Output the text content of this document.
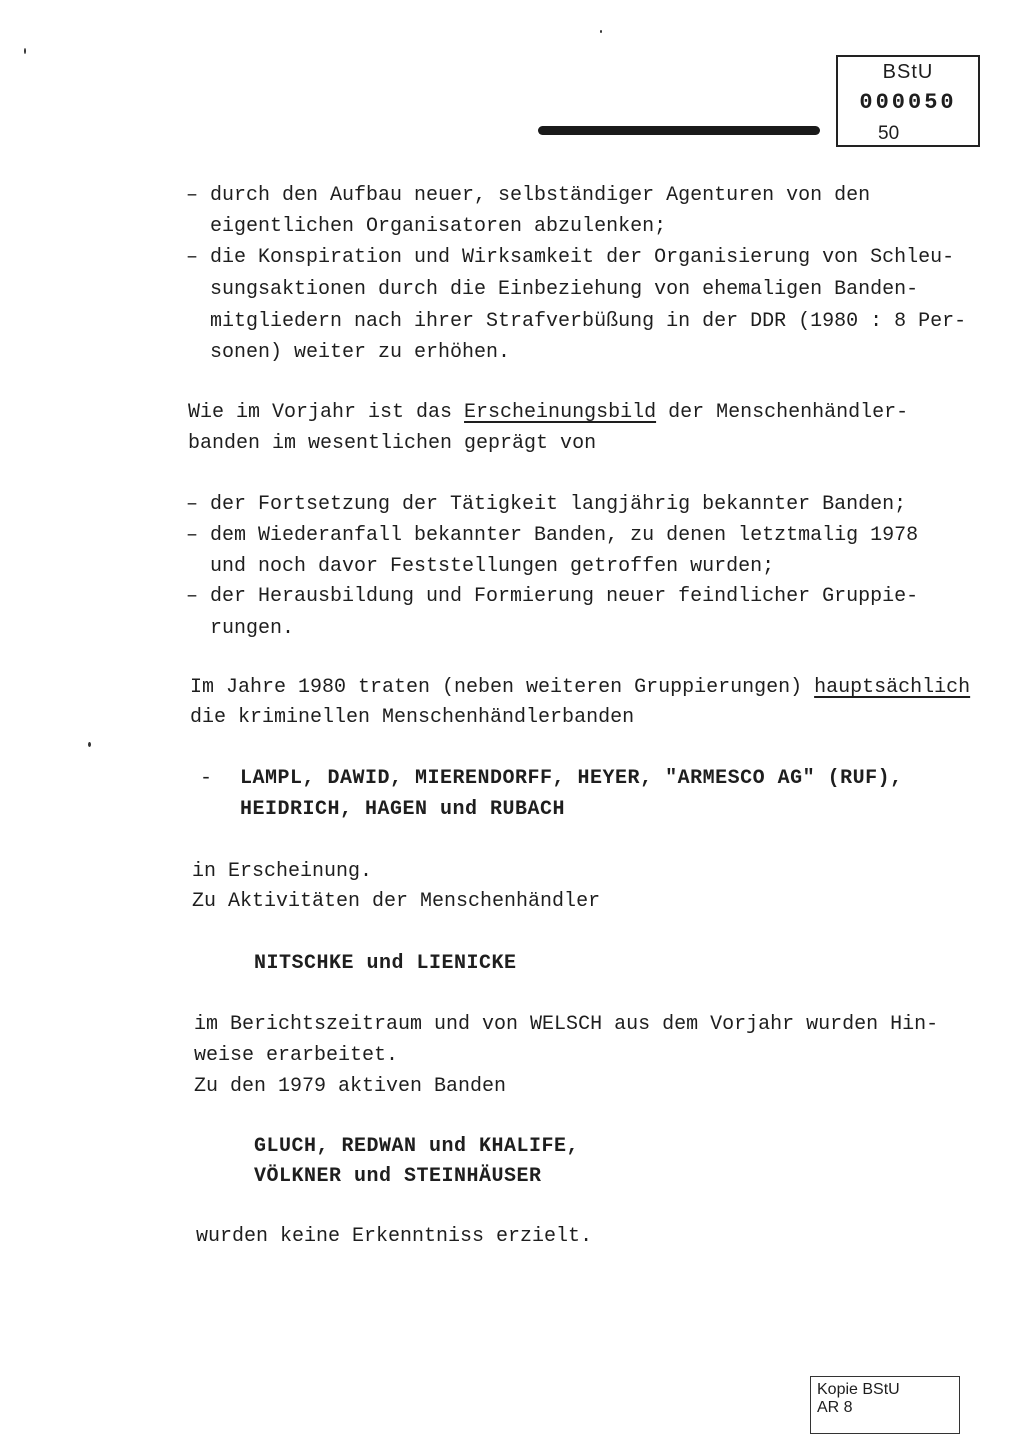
BStU
000050
50
– durch den Aufbau neuer, selbständiger Agenturen von den
eigentlichen Organisatoren abzulenken;
– die Konspiration und Wirksamkeit der Organisierung von Schleu-
sungsaktionen durch die Einbeziehung von ehemaligen Banden-
mitgliedern nach ihrer Strafverbüßung in der DDR (1980 : 8 Per-
sonen) weiter zu erhöhen.
Wie im Vorjahr ist das Erscheinungsbild der Menschenhändler-
banden im wesentlichen geprägt von
– der Fortsetzung der Tätigkeit langjährig bekannter Banden;
– dem Wiederanfall bekannter Banden, zu denen letztmalig 1978
und noch davor Feststellungen getroffen wurden;
– der Herausbildung und Formierung neuer feindlicher Gruppie-
rungen.
Im Jahre 1980 traten (neben weiteren Gruppierungen) hauptsächlich
die kriminellen Menschenhändlerbanden
- LAMPL, DAWID, MIERENDORFF, HEYER, "ARMESCO AG" (RUF),
HEIDRICH, HAGEN und RUBACH
in Erscheinung.
Zu Aktivitäten der Menschenhändler
NITSCHKE und LIENICKE
im Berichtszeitraum und von WELSCH aus dem Vorjahr wurden Hin-
weise erarbeitet.
Zu den 1979 aktiven Banden
GLUCH, REDWAN und KHALIFE,
VÖLKNER und STEINHÄUSER
wurden keine Erkenntniss erzielt.
Kopie BStU
AR 8
